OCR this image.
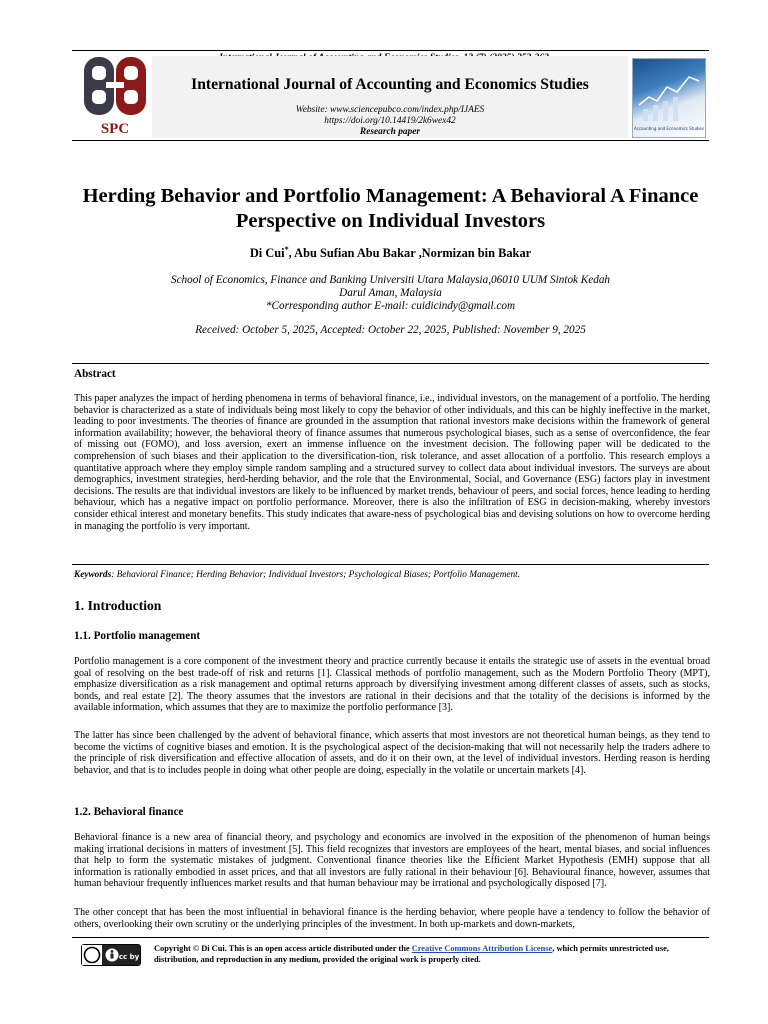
SPC
International Journal of Accounting and Economics Studies
Website: www.sciencepubco.com/index.php/IJAES
https://doi.org/10.14419/2k6wex42
Research paper	Accounting and Economics Studies
Herding Behavior and Portfolio Management: A Behavioral A Finance Perspective on Individual Investors
Di Cui*, Abu Sufian Abu Bakar ,Normizan bin Bakar
School of Economics, Finance and Banking Universiti Utara Malaysia,06010 UUM Sintok Kedah
Darul Aman, Malaysia
*Corresponding author E-mail: cuidicindy@gmail.com
Received: October 5, 2025, Accepted: October 22, 2025, Published: November 9, 2025
Abstract
This paper analyzes the impact of herding phenomena in terms of behavioral finance, i.e., individual investors, on the management of a portfolio. The herding behavior is characterized as a state of individuals being most likely to copy the behavior of other individuals, and this can be highly ineffective in the market, leading to poor investments. The theories of finance are grounded in the assumption that rational investors make decisions within the framework of general information availability; however, the behavioral theory of finance assumes that numerous psychological biases, such as a sense of overconfidence, the fear of missing out (FOMO), and loss aversion, exert an immense influence on the investment decision. The following paper will be dedicated to the comprehension of such biases and their application to the diversification-tion, risk tolerance, and asset allocation of a portfolio. This research employs a quantitative approach where they employ simple random sampling and a structured survey to collect data about individual investors. The surveys are about demographics, investment strategies, herd-herding behavior, and the role that the Environmental, Social, and Governance (ESG) factors play in investment decisions. The results are that individual investors are likely to be influenced by market trends, behaviour of peers, and social forces, hence leading to herding behaviour, which has a negative impact on portfolio performance. Moreover, there is also the infiltration of ESG in decision-making, whereby investors consider ethical interest and monetary benefits. This study indicates that aware-ness of psychological bias and devising solutions on how to overcome herding in managing the portfolio is very important.
Keywords: Behavioral Finance; Herding Behavior; Individual Investors; Psychological Biases; Portfolio Management.
1. Introduction
1.1. Portfolio management
Portfolio management is a core component of the investment theory and practice currently because it entails the strategic use of assets in the eventual broad goal of resolving on the best trade-off of risk and returns [1]. Classical methods of portfolio management, such as the Modern Portfolio Theory (MPT), emphasize diversification as a risk management and optimal returns approach by diversifying investment among different classes of assets, such as stocks, bonds, and real estate [2]. The theory assumes that the investors are rational in their decisions and that the totality of the decisions is informed by the available information, which assumes that they are to maximize the portfolio performance [3].
The latter has since been challenged by the advent of behavioral finance, which asserts that most investors are not theoretical human beings, as they tend to become the victims of cognitive biases and emotion. It is the psychological aspect of the decision-making that will not necessarily help the traders adhere to the principle of risk diversification and effective allocation of assets, and do it on their own, at the level of individual investors. Herding reason is herding behavior, and that is to includes people in doing what other people are doing, especially in the volatile or uncertain markets [4].
1.2. Behavioral finance
Behavioral finance is a new area of financial theory, and psychology and economics are involved in the exposition of the phenomenon of human beings making irrational decisions in matters of investment [5]. This field recognizes that investors are employees of the heart, mental biases, and social influences that help to form the systematic mistakes of judgment. Conventional finance theories like the Efficient Market Hypothesis (EMH) suppose that all information is rationally embodied in asset prices, and that all investors are fully rational in their behaviour [6]. Behavioural finance, however, assumes that human behaviour frequently influences market results and that human behaviour may be irrational and psychologically disposed [7].
The other concept that has been the most influential in behavioral finance is the herding behavior, where people have a tendency to follow the behavior of others, overlooking their own scrutiny or the underlying principles of the investment. In both up-markets and down-markets,
cc by
Copyright © Di Cui. This is an open access article distributed under the Creative Commons Attribution License, which permits unrestricted use, distribution, and reproduction in any medium, provided the original work is properly cited.
